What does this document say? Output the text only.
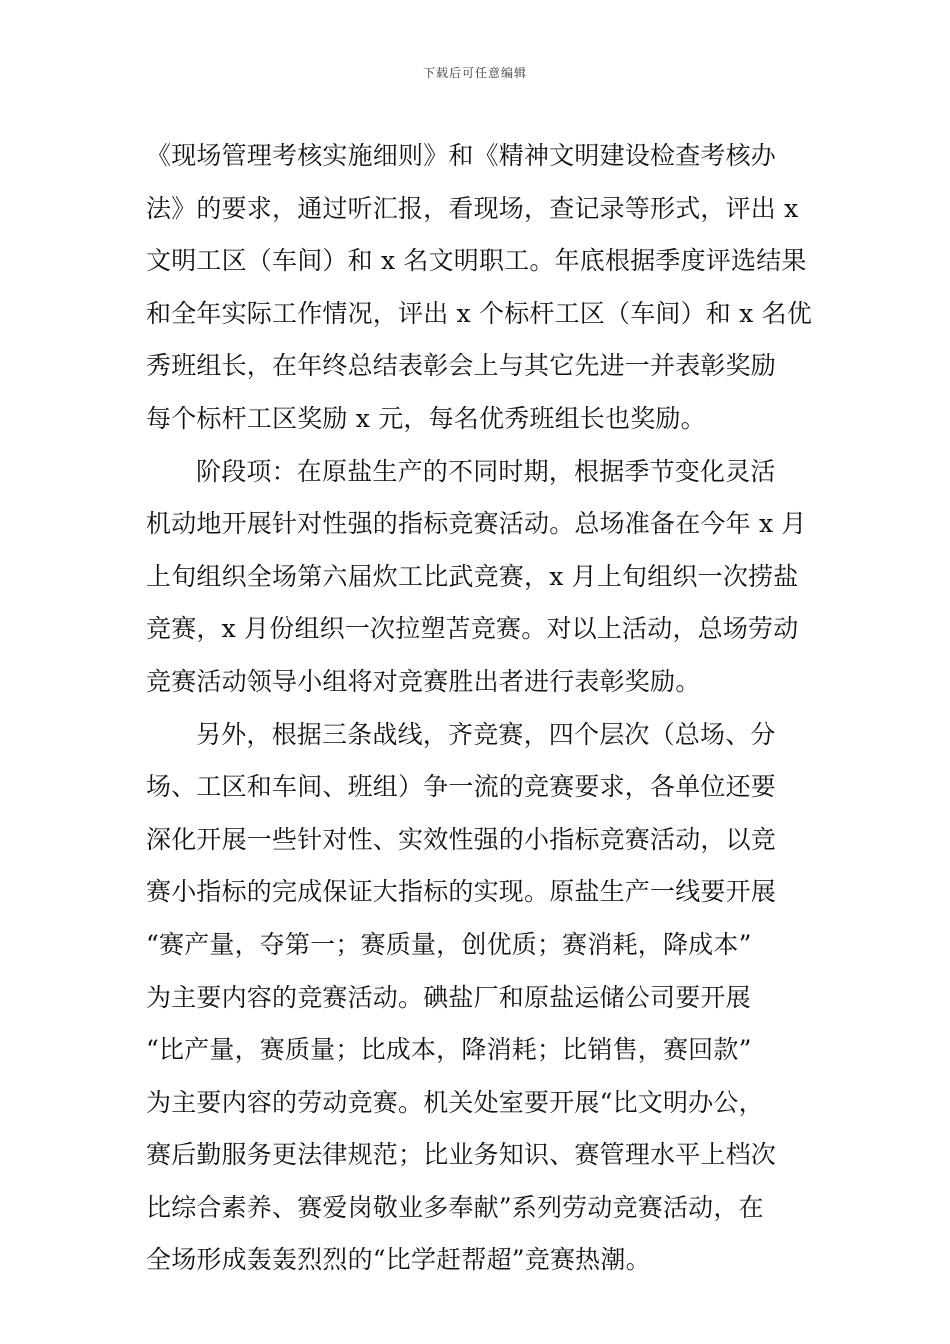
下载后可任意编辑
《现场管理考核实施细则》和《精神文明建设检查考核办
法》的要求，通过听汇报，看现场，查记录等形式，评出 x
文明工区（车间）和 x 名文明职工。年底根据季度评选结果
和全年实际工作情况，评出 x 个标杆工区（车间）和 x 名优
秀班组长，在年终总结表彰会上与其它先进一并表彰奖励
每个标杆工区奖励 x 元，每名优秀班组长也奖励。
阶段项：在原盐生产的不同时期，根据季节变化灵活
机动地开展针对性强的指标竞赛活动。总场准备在今年 x 月
上旬组织全场第六届炊工比武竞赛，x 月上旬组织一次捞盐
竞赛，x 月份组织一次拉塑苫竞赛。对以上活动，总场劳动
竞赛活动领导小组将对竞赛胜出者进行表彰奖励。
另外，根据三条战线，齐竞赛，四个层次（总场、分
场、工区和车间、班组）争一流的竞赛要求，各单位还要
深化开展一些针对性、实效性强的小指标竞赛活动，以竞
赛小指标的完成保证大指标的实现。原盐生产一线要开展
“赛产量，夺第一；赛质量，创优质；赛消耗，降成本”
为主要内容的竞赛活动。碘盐厂和原盐运储公司要开展
“比产量，赛质量；比成本，降消耗；比销售，赛回款”
为主要内容的劳动竞赛。机关处室要开展“比文明办公，
赛后勤服务更法律规范；比业务知识、赛管理水平上档次
比综合素养、赛爱岗敬业多奉献”系列劳动竞赛活动，在
全场形成轰轰烈烈的“比学赶帮超”竞赛热潮。
